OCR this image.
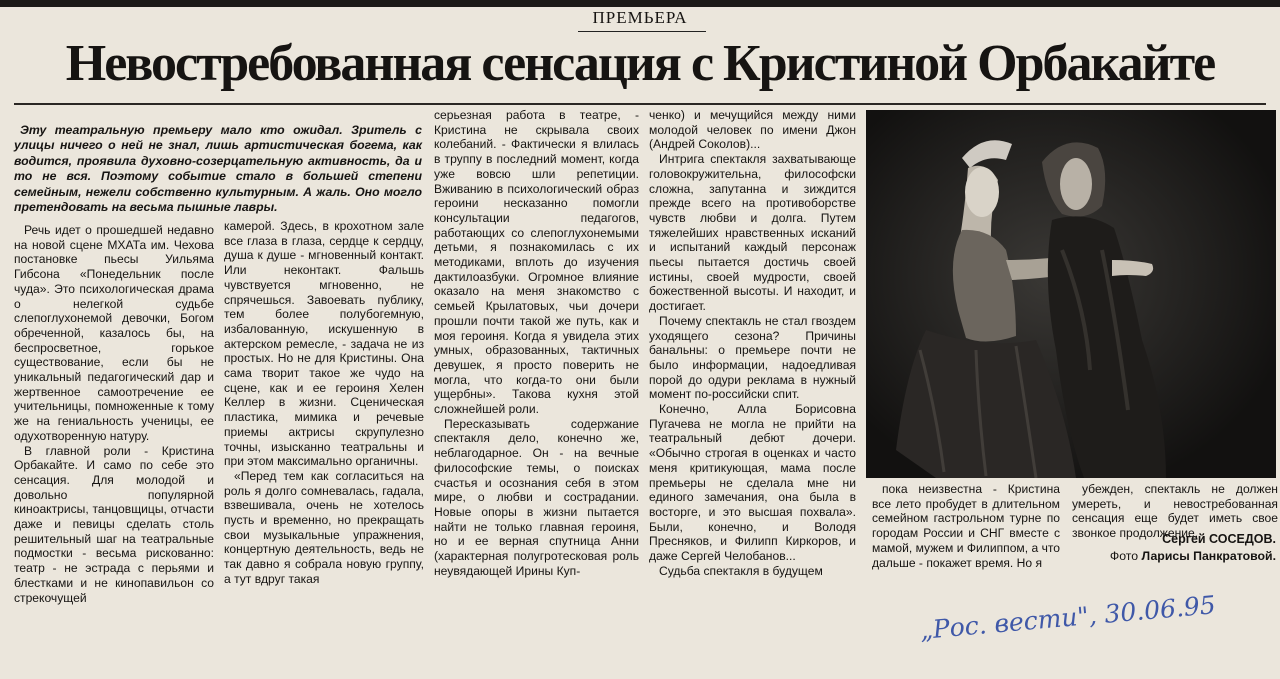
ПРЕМЬЕРА
Невостребованная сенсация с Кристиной Орбакайте
Эту театральную премьеру мало кто ожидал. Зритель с улицы ничего о ней не знал, лишь артистическая богема, как водится, проявила духовно-созерцательную активность, да и то не вся. Поэтому событие стало в большей степени семейным, нежели собственно культурным. А жаль. Оно могло претендовать на весьма пышные лавры.

Речь идет о прошедшей недавно на новой сцене МХАТа им. Чехова постановке пьесы Уильяма Гибсона «Понедельник после чуда». Это психологическая драма о нелегкой судьбе слепоглухонемой девочки, Богом обреченной, казалось бы, на беспросветное, горькое существование, если бы не уникальный педагогический дар и жертвенное самоотречение ее учительницы, помноженные к тому же на гениальность ученицы, ее одухотворенную натуру.

В главной роли - Кристина Орбакайте. И само по себе это сенсация. Для молодой и довольно популярной киноактрисы, танцовщицы, отчасти даже и певицы сделать столь решительный шаг на театральные подмостки - весьма рискованно: театр - не эстрада с перьями и блестками и не кинопавильон со стрекочущей

камерой. Здесь, в крохотном зале все глаза в глаза, сердце к сердцу, душа к душе - мгновенный контакт. Или неконтакт. Фальшь чувствуется мгновенно, не спрячешься. Завоевать публику, тем более полубогемную, избалованную, искушенную в актерском ремесле, - задача не из простых. Но не для Кристины. Она сама творит такое же чудо на сцене, как и ее героиня Хелен Келлер в жизни. Сценическая пластика, мимика и речевые приемы актрисы скрупулезно точны, изысканно театральны и при этом максимально органичны.

«Перед тем как согласиться на роль я долго сомневалась, гадала, взвешивала, очень не хотелось пусть и временно, но прекращать свои музыкальные упражнения, концертную деятельность, ведь не так давно я собрала новую группу, а тут вдруг такая

серьезная работа в театре, - Кристина не скрывала своих колебаний. - Фактически я влилась в труппу в последний момент, когда уже вовсю шли репетиции. Вживанию в психологический образ героини несказанно помогли консультации педагогов, работающих со слепоглухонемыми детьми, я познакомилась с их методиками, вплоть до изучения дактилоазбуки. Огромное влияние оказало на меня знакомство с семьей Крылатовых, чьи дочери прошли почти такой же путь, как и моя героиня. Когда я увидела этих умных, образованных, тактичных девушек, я просто поверить не могла, что когда-то они были ущербны». Такова кухня этой сложнейшей роли.

Пересказывать содержание спектакля дело, конечно же, неблагодарное. Он - на вечные философские темы, о поисках счастья и осознания себя в этом мире, о любви и сострадании. Новые опоры в жизни пытается найти не только главная героиня, но и ее верная спутница Анни (характерная полугротесковая роль неувядающей Ирины Куп-

ченко) и мечущийся между ними молодой человек по имени Джон (Андрей Соколов)...

Интрига спектакля захватывающе головокружительна, философски сложна, запутанна и зиждится прежде всего на противоборстве чувств любви и долга. Путем тяжелейших нравственных исканий и испытаний каждый персонаж пьесы пытается достичь своей истины, своей мудрости, своей божественной высоты. И находит, и достигает.

Почему спектакль не стал гвоздем уходящего сезона? Причины банальны: о премьере почти не было информации, надоедливая порой до одури реклама в нужный момент по-российски спит.

Конечно, Алла Борисовна Пугачева не могла не прийти на театральный дебют дочери. «Обычно строгая в оценках и часто меня критикующая, мама после премьеры не сделала мне ни единого замечания, она была в восторге, и это высшая похвала». Были, конечно, и Володя Пресняков, и Филипп Киркоров, и даже Сергей Челобанов...

Судьба спектакля в будущем

пока неизвестна - Кристина все лето пробудет в длительном семейном гастрольном турне по городам России и СНГ вместе с мамой, мужем и Филиппом, а что дальше - покажет время. Но я

убежден, спектакль не должен умереть, и невостребованная сенсация еще будет иметь свое звонкое продолжение.

Сергей СОСЕДОВ.
Фото Ларисы Панкратовой.
„Рос. вести", 30.06.95
